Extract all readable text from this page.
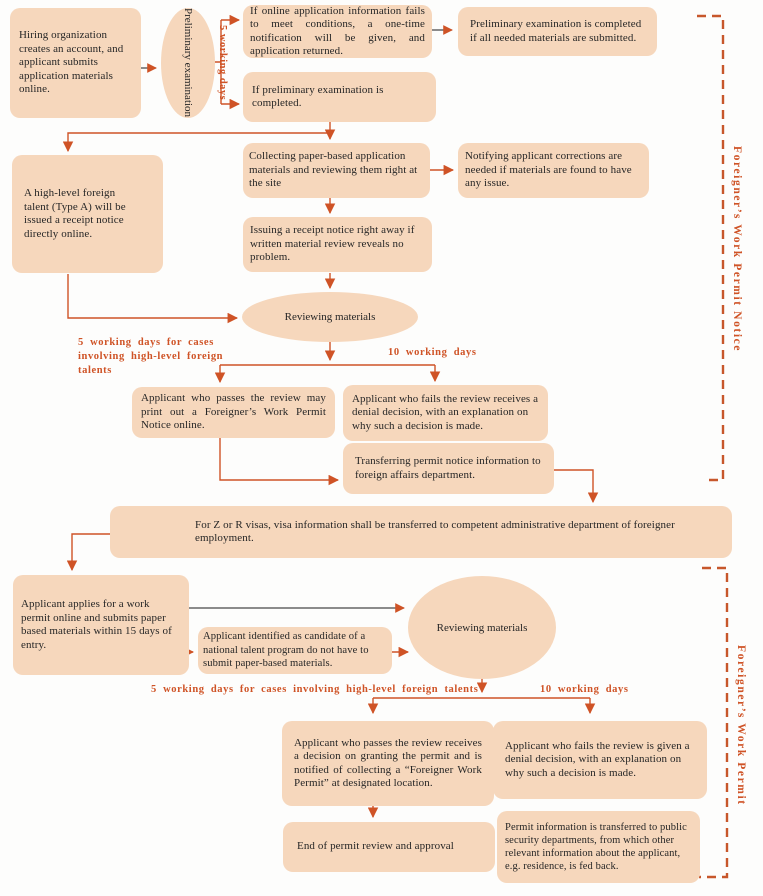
Hiring organization creates an account, and applicant submits application materials online.	Preliminary examination 5 working days
If online application information fails to meet conditions, a one-time notification will be given, and application returned.
If preliminary examination is completed.
Preliminary examination is completed if all needed materials are submitted.
A high-level foreign talent (Type A) will be issued a receipt notice directly online.
Collecting paper-based application materials and reviewing them right at the site
Notifying applicant corrections are needed if materials are found to have any issue.
Issuing a receipt notice right away if written material review reveals no problem.
Reviewing materials
5 working days for cases involving high-level foreign talents
10 working days
Applicant who passes the review may print out a Foreigner’s Work Permit Notice online.
Applicant who fails the review receives a denial decision, with an explanation on why such a decision is made.
Transferring permit notice information to foreign affairs department.
For Z or R visas, visa information shall be transferred to competent administrative department of foreigner employment.
Applicant applies for a work permit online and submits paper based materials within 15 days of entry.
Applicant identified as candidate of a national talent program do not have to submit paper-based materials.
Reviewing materials
5 working days for cases involving high-level foreign talents	10 working days
Applicant who passes the review receives a decision on granting the permit and is notified of collecting a “Foreigner Work Permit” at designated location.
Applicant who fails the review is given a denial decision, with an explanation on why such a decision is made.
End of permit review and approval
Permit information is transferred to public security departments, from which other relevant information about the applicant, e.g. residence, is fed back.
Foreigner’s Work Permit Notice
Foreigner’s Work Permit
